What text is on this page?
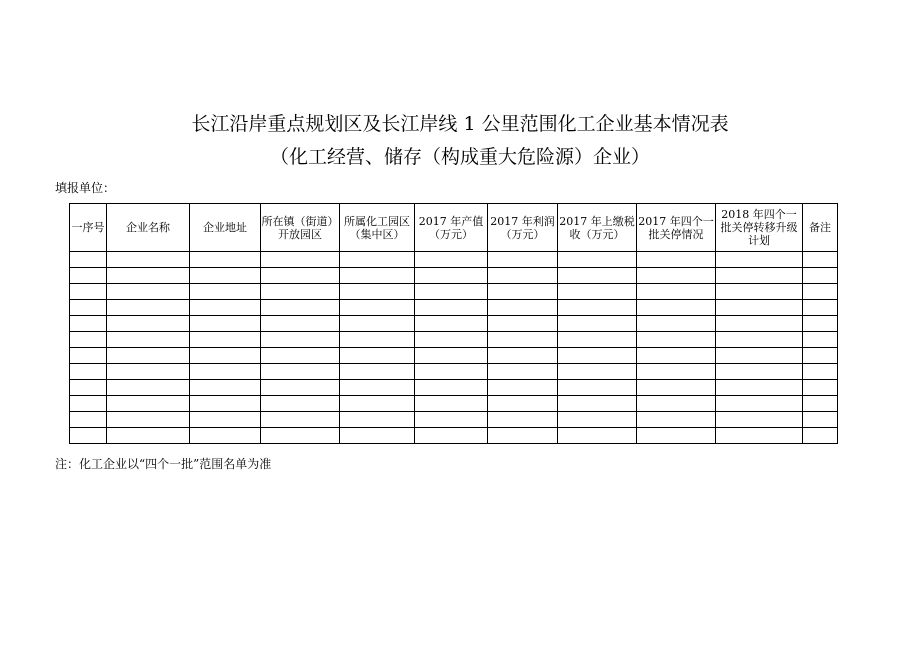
长江沿岸重点规划区及长江岸线 1 公里范围化工企业基本情况表
（化工经营、储存（构成重大危险源）企业）
填报单位：
一序号	企业名称	企业地址	所在镇（街道）开放园区	所属化工园区（集中区）	2017 年产值（万元）	2017 年利润（万元）	2017 年上缴税收（万元）	2017 年四个一批关停情况	2018 年四个一批关停转移升级计划	备注

注：化工企业以“四个一批”范围名单为准
